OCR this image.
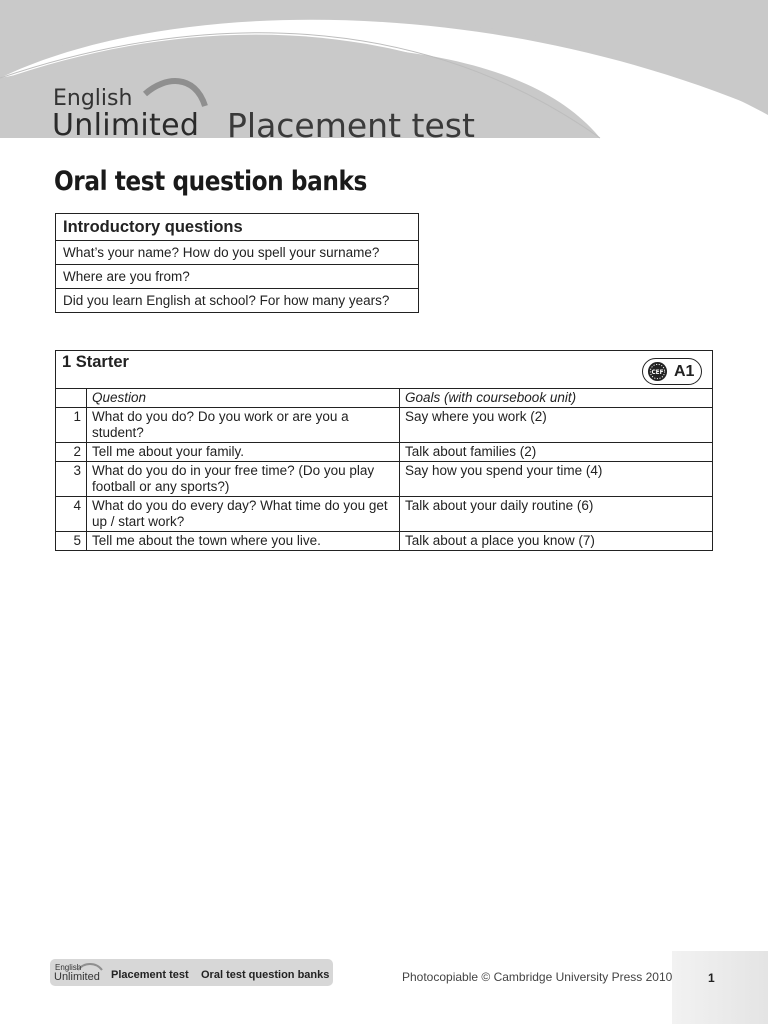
English
Unlimited Placement test
Oral test question banks
Introductory questions
What’s your name? How do you spell your surname?
Where are you from?
Did you learn English at school? For how many years?
1 Starter
CEF A1		

	Question	Goals (with coursebook unit)
1	What do you do? Do you work or are you a student?	Say where you work (2)
2	Tell me about your family.	Talk about families (2)
3	What do you do in your free time? (Do you play football or any sports?)	Say how you spend your time (4)
4	What do you do every day? What time do you get up / start work?	Talk about your daily routine (6)
5	Tell me about the town where you live.	Talk about a place you know (7)
English
Unlimited Placement test Oral test question banks	Photocopiable © Cambridge University Press 2010	1
